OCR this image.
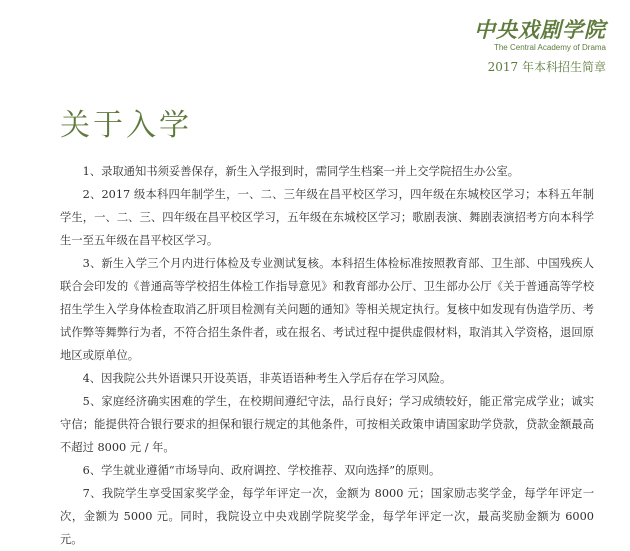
中央戏剧学院
The Central Academy of Drama
2017 年本科招生简章
关于入学

1、录取通知书须妥善保存，新生入学报到时，需同学生档案一并上交学院招生办公室。

2、2017 级本科四年制学生，一、二、三年级在昌平校区学习，四年级在东城校区学习；本科五年制学生，一、二、三、四年级在昌平校区学习，五年级在东城校区学习；歌剧表演、舞剧表演招考方向本科学生一至五年级在昌平校区学习。

3、新生入学三个月内进行体检及专业测试复核。本科招生体检标准按照教育部、卫生部、中国残疾人联合会印发的《普通高等学校招生体检工作指导意见》和教育部办公厅、卫生部办公厅《关于普通高等学校招生学生入学身体检查取消乙肝项目检测有关问题的通知》等相关规定执行。复核中如发现有伪造学历、考试作弊等舞弊行为者，不符合招生条件者，或在报名、考试过程中提供虚假材料，取消其入学资格，退回原地区或原单位。

4、因我院公共外语课只开设英语，非英语语种考生入学后存在学习风险。

5、家庭经济确实困难的学生，在校期间遵纪守法，品行良好；学习成绩较好，能正常完成学业；诚实守信；能提供符合银行要求的担保和银行规定的其他条件，可按相关政策申请国家助学贷款，贷款金额最高不超过 8000 元 / 年。

6、学生就业遵循“市场导向、政府调控、学校推荐、双向选择”的原则。

7、我院学生享受国家奖学金，每学年评定一次，金额为 8000 元；国家励志奖学金，每学年评定一次，金额为 5000 元。同时，我院设立中央戏剧学院奖学金，每学年评定一次，最高奖励金额为 6000 元。
